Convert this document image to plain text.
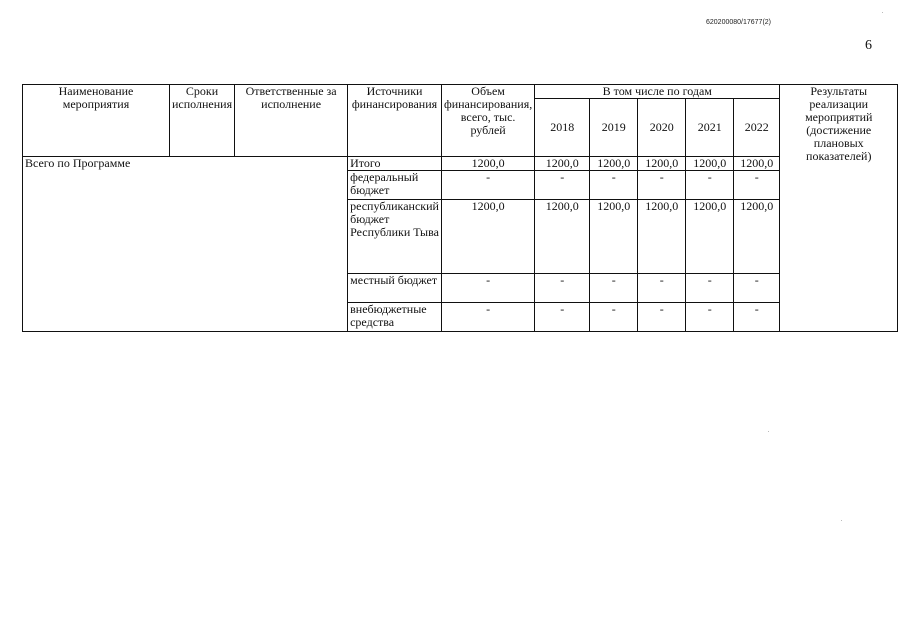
620200080/17677(2)
6
Наименование мероприятия	Сроки исполнения	Ответственные за исполнение	Источники финансирования	Объем финансирования, всего, тыс. рублей	В том числе по годам					Результаты реализации мероприятий (достижение плановых показателей)
					2018	2019	2020	2021	2022	
Всего по Программе			Итого	1200,0	1200,0	1200,0	1200,0	1200,0	1200,0	
			федеральный бюджет	-	-	-	-	-	-	
			республиканский бюджет Республики Тыва	1200,0	1200,0	1200,0	1200,0	1200,0	1200,0	
			местный бюджет	-	-	-	-	-	-	
			внебюджетные средства	-	-	-	-	-	-	
